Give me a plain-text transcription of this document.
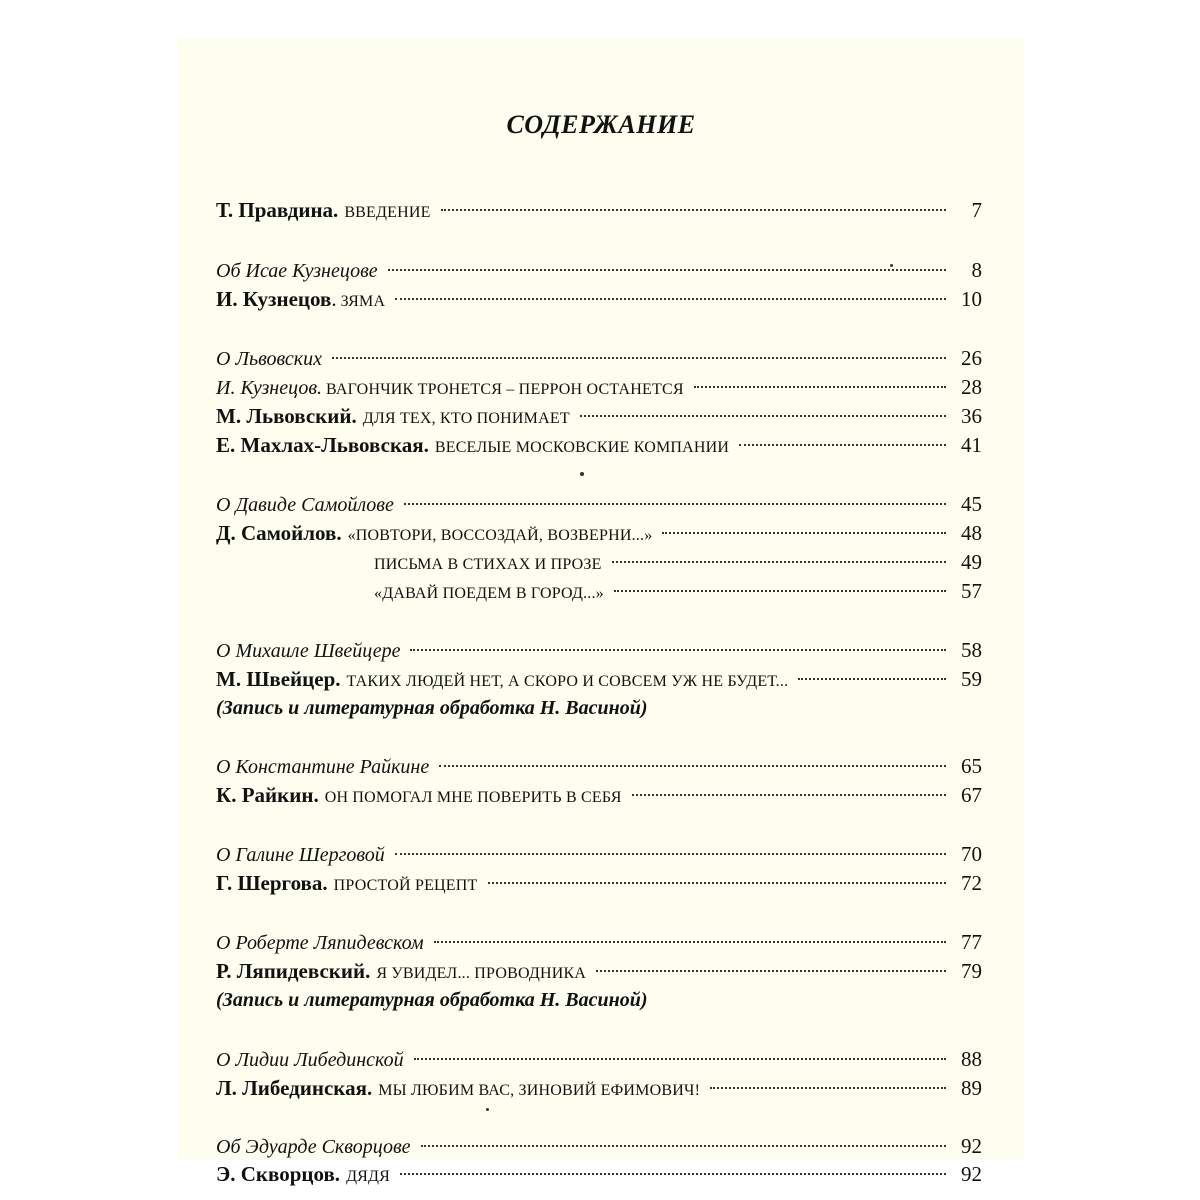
СОДЕРЖАНИЕ
Т. Правдина. ВВЕДЕНИЕ	7
Об Исае Кузнецове	8
И. Кузнецов . ЗЯМА	10
О Львовских	26
И. Кузнецов. ВАГОНЧИК ТРОНЕТСЯ – ПЕРРОН ОСТАНЕТСЯ	28
М. Львовский. ДЛЯ ТЕХ, КТО ПОНИМАЕТ	36
Е. Махлах-Львовская. ВЕСЕЛЫЕ МОСКОВСКИЕ КОМПАНИИ	41
О Давиде Самойлове	45
Д. Самойлов. «ПОВТОРИ, ВОССОЗДАЙ, ВОЗВЕРНИ...»	48
ПИСЬМА В СТИХАХ И ПРОЗЕ	49
«ДАВАЙ ПОЕДЕМ В ГОРОД...»	57
О Михаиле Швейцере	58
М. Швейцер. ТАКИХ ЛЮДЕЙ НЕТ, А СКОРО И СОВСЕМ УЖ НЕ БУДЕТ...	59
(Запись и литературная обработка Н. Васиной)
О Константине Райкине	65
К. Райкин. ОН ПОМОГАЛ МНЕ ПОВЕРИТЬ В СЕБЯ	67
О Галине Шерговой	70
Г. Шергова. ПРОСТОЙ РЕЦЕПТ	72
О Роберте Ляпидевском	77
Р. Ляпидевский. Я УВИДЕЛ... ПРОВОДНИКА	79
(Запись и литературная обработка Н. Васиной)
О Лидии Либединской	88
Л. Либединская. МЫ ЛЮБИМ ВАС, ЗИНОВИЙ ЕФИМОВИЧ!	89
Об Эдуарде Скворцове	92
Э. Скворцов. ДЯДЯ	92
